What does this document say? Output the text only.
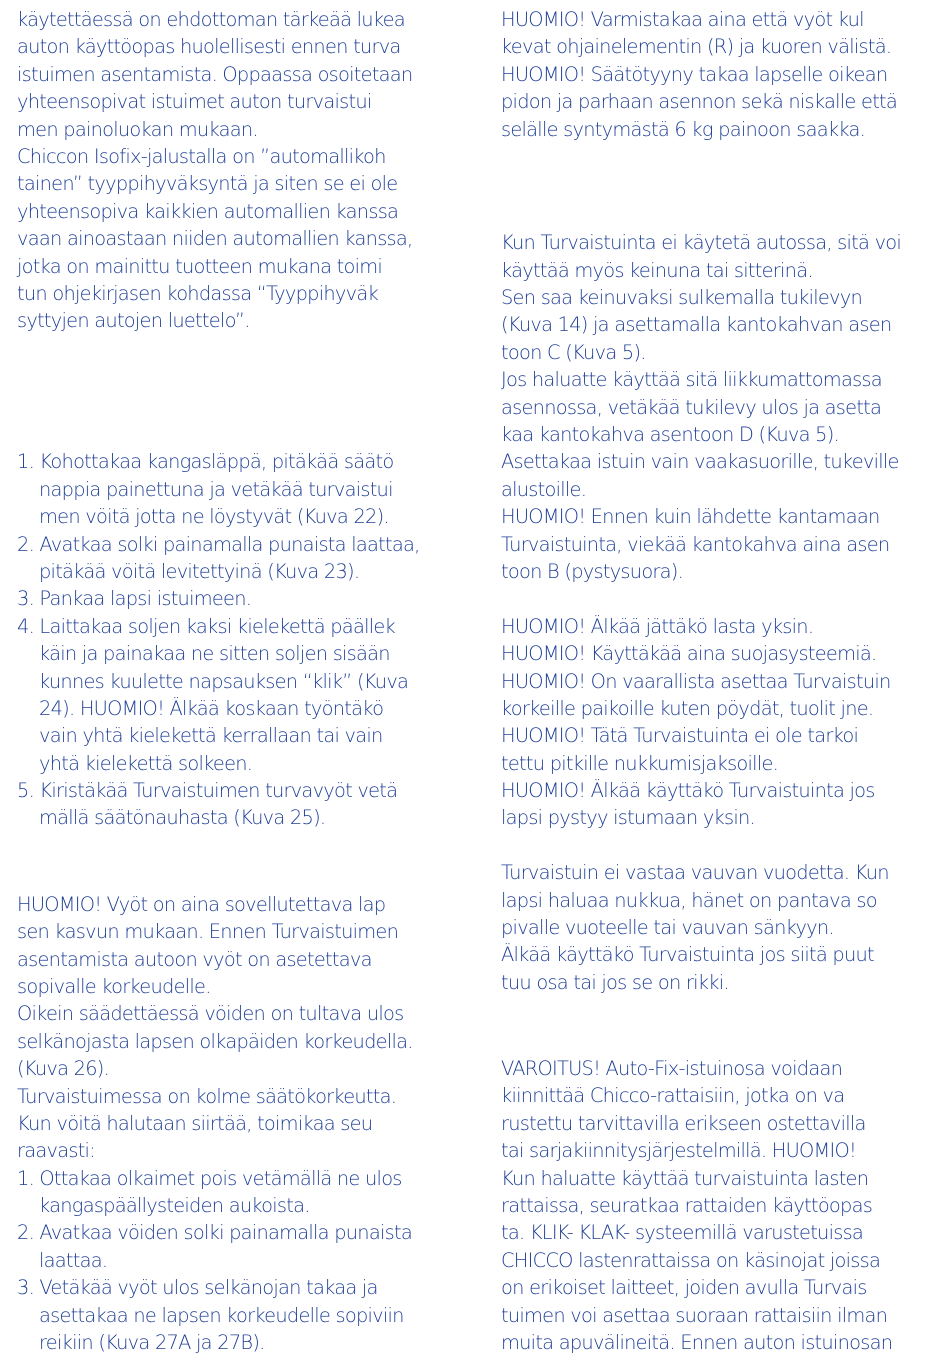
käytettäessä on ehdottoman tärkeää lukea
auton käyttöopas huolellisesti ennen turva
istuimen asentamista. Oppaassa osoitetaan
yhteensopivat istuimet auton turvaistui
men painoluokan mukaan.
Chiccon Isofix-jalustalla on ”automallikoh
tainen” tyyppihyväksyntä ja siten se ei ole
yhteensopiva kaikkien automallien kanssa
vaan ainoastaan niiden automallien kanssa,
jotka on mainittu tuotteen mukana toimi
tun ohjekirjasen kohdassa “Tyyppihyväk
syttyjen autojen luettelo”.
1. Kohottakaa kangasläppä, pitäkää säätö
nappia painettuna ja vetäkää turvaistui
men vöitä jotta ne löystyvät (Kuva 22).
2. Avatkaa solki painamalla punaista laattaa,
pitäkää vöitä levitettyinä (Kuva 23).
3. Pankaa lapsi istuimeen.
4. Laittakaa soljen kaksi kielekettä päällek
käin ja painakaa ne sitten soljen sisään
kunnes kuulette napsauksen “klik” (Kuva
24). HUOMIO! Älkää koskaan työntäkö
vain yhtä kielekettä kerrallaan tai vain
yhtä kielekettä solkeen.
5. Kiristäkää Turvaistuimen turvavyöt vetä
mällä säätönauhasta (Kuva 25).
HUOMIO! Vyöt on aina sovellutettava lap
sen kasvun mukaan. Ennen Turvaistuimen
asentamista autoon vyöt on asetettava
sopivalle korkeudelle.
Oikein säädettäessä vöiden on tultava ulos
selkänojasta lapsen olkapäiden korkeudella.
(Kuva 26).
Turvaistuimessa on kolme säätökorkeutta.
Kun vöitä halutaan siirtää, toimikaa seu
raavasti:
1. Ottakaa olkaimet pois vetämällä ne ulos
kangaspäällysteiden aukoista.
2. Avatkaa vöiden solki painamalla punaista
laattaa.
3. Vetäkää vyöt ulos selkänojan takaa ja
asettakaa ne lapsen korkeudelle sopiviin
reikiin (Kuva 27A ja 27B).
HUOMIO! Varmistakaa aina että vyöt kul
kevat ohjainelementin (R) ja kuoren välistä.
HUOMIO! Säätötyyny takaa lapselle oikean
pidon ja parhaan asennon sekä niskalle että
selälle syntymästä 6 kg painoon saakka.
Kun Turvaistuinta ei käytetä autossa, sitä voi
käyttää myös keinuna tai sitterinä.
Sen saa keinuvaksi sulkemalla tukilevyn
(Kuva 14) ja asettamalla kantokahvan asen
toon C (Kuva 5).
Jos haluatte käyttää sitä liikkumattomassa
asennossa, vetäkää tukilevy ulos ja asetta
kaa kantokahva asentoon D (Kuva 5).
Asettakaa istuin vain vaakasuorille, tukeville
alustoille.
HUOMIO! Ennen kuin lähdette kantamaan
Turvaistuinta, viekää kantokahva aina asen
toon B (pystysuora).
HUOMIO! Älkää jättäkö lasta yksin.
HUOMIO! Käyttäkää aina suojasysteemiä.
HUOMIO! On vaarallista asettaa Turvaistuin
korkeille paikoille kuten pöydät, tuolit jne.
HUOMIO! Tätä Turvaistuinta ei ole tarkoi
tettu pitkille nukkumisjaksoille.
HUOMIO! Älkää käyttäkö Turvaistuinta jos
lapsi pystyy istumaan yksin.
Turvaistuin ei vastaa vauvan vuodetta. Kun
lapsi haluaa nukkua, hänet on pantava so
pivalle vuoteelle tai vauvan sänkyyn.
Älkää käyttäkö Turvaistuinta jos siitä puut
tuu osa tai jos se on rikki.
VAROITUS! Auto-Fix-istuinosa voidaan
kiinnittää Chicco-rattaisiin, jotka on va
rustettu tarvittavilla erikseen ostettavilla
tai sarjakiinnitysjärjestelmillä. HUOMIO!
Kun haluatte käyttää turvaistuinta lasten
rattaissa, seuratkaa rattaiden käyttöopas
ta. KLIK- KLAK- systeemillä varustetuissa
CHICCO lastenrattaissa on käsinojat joissa
on erikoiset laitteet, joiden avulla Turvais
tuimen voi asettaa suoraan rattaisiin ilman
muita apuvälineitä. Ennen auton istuinosan
